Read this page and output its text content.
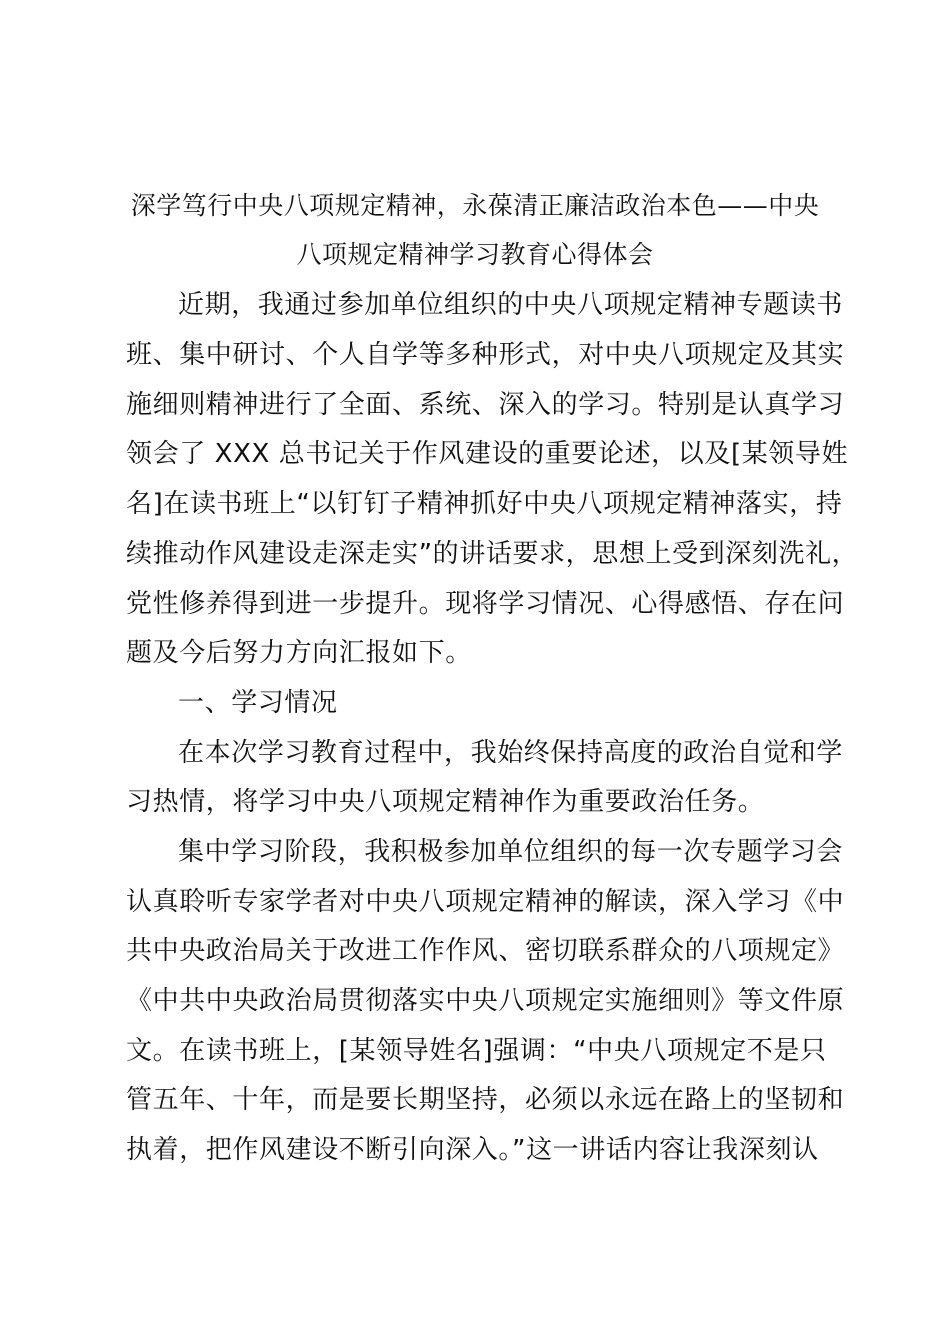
深学笃行中央八项规定精神，永葆清正廉洁政治本色——中央
八项规定精神学习教育心得体会
近期，我通过参加单位组织的中央八项规定精神专题读书
班、集中研讨、个人自学等多种形式，对中央八项规定及其实
施细则精神进行了全面、系统、深入的学习。特别是认真学习
领会了 XXX 总书记关于作风建设的重要论述，以及[某领导姓
名]在读书班上“以钉钉子精神抓好中央八项规定精神落实，持
续推动作风建设走深走实”的讲话要求，思想上受到深刻洗礼，
党性修养得到进一步提升。现将学习情况、心得感悟、存在问
题及今后努力方向汇报如下。
一、学习情况
在本次学习教育过程中，我始终保持高度的政治自觉和学
习热情，将学习中央八项规定精神作为重要政治任务。
集中学习阶段，我积极参加单位组织的每一次专题学习会
认真聆听专家学者对中央八项规定精神的解读，深入学习《中
共中央政治局关于改进工作作风、密切联系群众的八项规定》
《中共中央政治局贯彻落实中央八项规定实施细则》等文件原
文。在读书班上，[某领导姓名]强调：“中央八项规定不是只
管五年、十年，而是要长期坚持，必须以永远在路上的坚韧和
执着，把作风建设不断引向深入。”这一讲话内容让我深刻认
